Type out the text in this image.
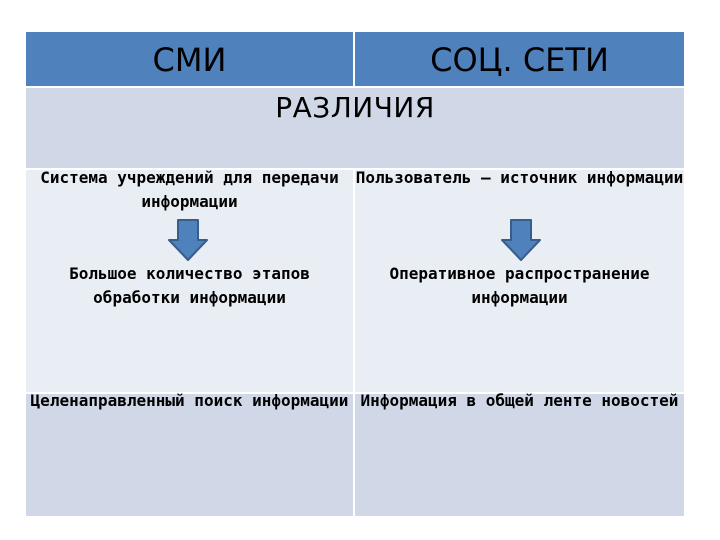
СМИ	СОЦ. СЕТИ
РАЗЛИЧИЯ
Система учреждений для передачи информации
Пользователь – источник информации
Большое количество этапов обработки информации
Оперативное распространение информации
Целенаправленный поиск информации Информация в общей ленте новостей
